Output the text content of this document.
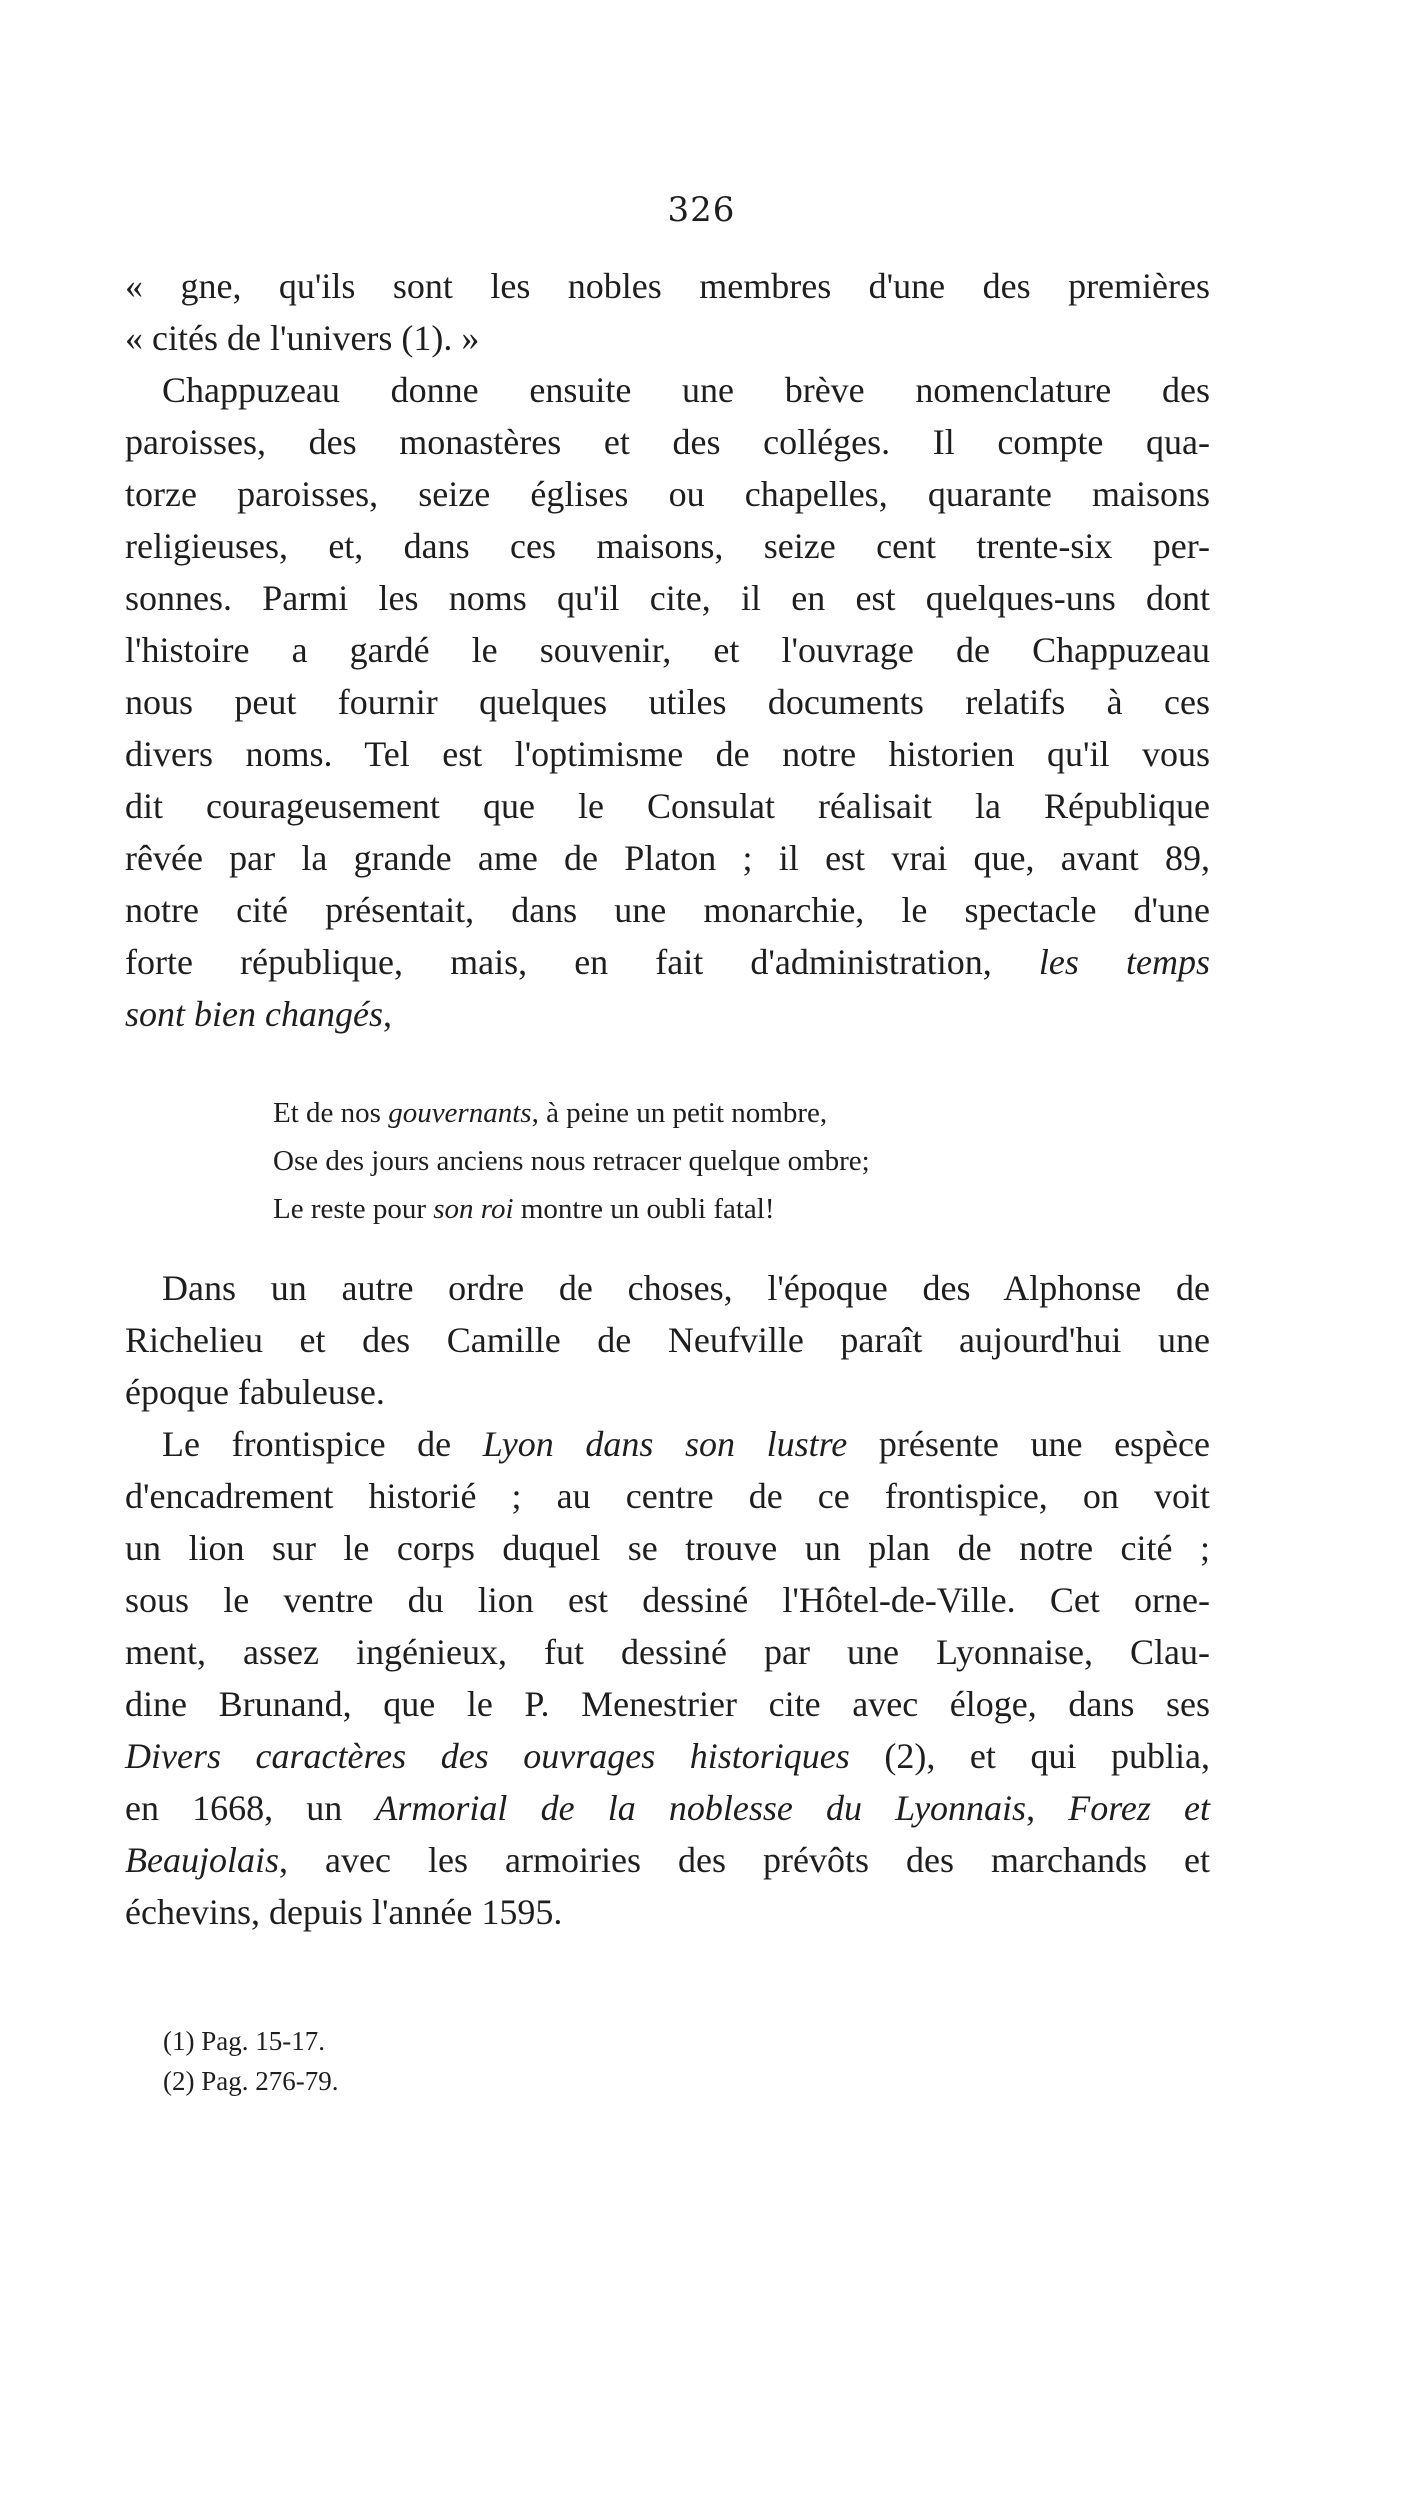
326
« gne, qu'ils sont les nobles membres d'une des premières
« cités de l'univers (1). »
Chappuzeau donne ensuite une brève nomenclature des
paroisses, des monastères et des colléges. Il compte qua-
torze paroisses, seize églises ou chapelles, quarante maisons
religieuses, et, dans ces maisons, seize cent trente-six per-
sonnes. Parmi les noms qu'il cite, il en est quelques-uns dont
l'histoire a gardé le souvenir, et l'ouvrage de Chappuzeau
nous peut fournir quelques utiles documents relatifs à ces
divers noms. Tel est l'optimisme de notre historien qu'il vous
dit courageusement que le Consulat réalisait la République
rêvée par la grande ame de Platon ; il est vrai que, avant 89,
notre cité présentait, dans une monarchie, le spectacle d'une
forte république, mais, en fait d'administration, les temps
sont bien changés,
Et de nos gouvernants, à peine un petit nombre,
Ose des jours anciens nous retracer quelque ombre;
Le reste pour son roi montre un oubli fatal!
Dans un autre ordre de choses, l'époque des Alphonse de
Richelieu et des Camille de Neufville paraît aujourd'hui une
époque fabuleuse.
Le frontispice de Lyon dans son lustre présente une espèce
d'encadrement historié ; au centre de ce frontispice, on voit
un lion sur le corps duquel se trouve un plan de notre cité ;
sous le ventre du lion est dessiné l'Hôtel-de-Ville. Cet orne-
ment, assez ingénieux, fut dessiné par une Lyonnaise, Clau-
dine Brunand, que le P. Menestrier cite avec éloge, dans ses
Divers caractères des ouvrages historiques (2), et qui publia,
en 1668, un Armorial de la noblesse du Lyonnais, Forez et
Beaujolais, avec les armoiries des prévôts des marchands et
échevins, depuis l'année 1595.
(1) Pag. 15-17.
(2) Pag. 276-79.
